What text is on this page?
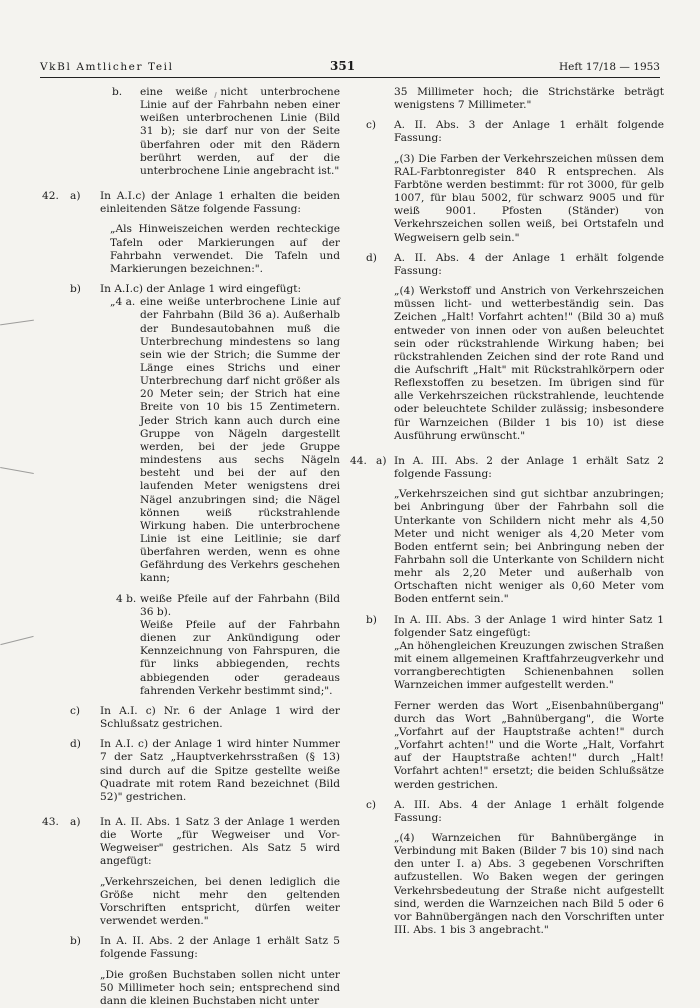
VkBl Amtlicher Teil	351	Heft 17/18 — 1953
b. eine weiße nicht unterbrochene Linie auf der Fahrbahn neben einer weißen unterbrochenen Linie (Bild 31 b); sie darf nur von der Seite überfahren oder mit den Rädern berührt werden, auf der die unterbrochene Linie angebracht ist."

42. a) In A.I.c) der Anlage 1 erhalten die beiden einleitenden Sätze folgende Fassung:

„Als Hinweiszeichen werden rechteckige Tafeln oder Markierungen auf der Fahrbahn verwendet. Die Tafeln und Markierungen bezeichnen:".

b) In A.I.c) der Anlage 1 wird eingefügt:

„4 a. eine weiße unterbrochene Linie auf der Fahrbahn (Bild 36 a). Außerhalb der Bundesautobahnen muß die Unterbrechung mindestens so lang sein wie der Strich; die Summe der Länge eines Strichs und einer Unterbrechung darf nicht größer als 20 Meter sein; der Strich hat eine Breite von 10 bis 15 Zentimetern. Jeder Strich kann auch durch eine Gruppe von Nägeln dargestellt werden, bei der jede Gruppe mindestens aus sechs Nägeln besteht und bei der auf den laufenden Meter wenigstens drei Nägel anzubringen sind; die Nägel können weiß rückstrahlende Wirkung haben. Die unterbrochene Linie ist eine Leitlinie; sie darf überfahren werden, wenn es ohne Gefährdung des Verkehrs geschehen kann;

4 b. weiße Pfeile auf der Fahrbahn (Bild 36 b).

Weiße Pfeile auf der Fahrbahn dienen zur Ankündigung oder Kennzeichnung von Fahrspuren, die für links abbiegenden, rechts abbiegenden oder geradeaus fahrenden Verkehr bestimmt sind;".

c) In A.I. c) Nr. 6 der Anlage 1 wird der Schlußsatz gestrichen.

d) In A.I. c) der Anlage 1 wird hinter Nummer 7 der Satz „Hauptverkehrsstraßen (§ 13) sind durch auf die Spitze gestellte weiße Quadrate mit rotem Rand bezeichnet (Bild 52)" gestrichen.

43. a) In A. II. Abs. 1 Satz 3 der Anlage 1 werden die Worte „für Wegweiser und Vor-Wegweiser" gestrichen. Als Satz 5 wird angefügt:

„Verkehrszeichen, bei denen lediglich die Größe nicht mehr den geltenden Vorschriften entspricht, dürfen weiter verwendet werden."

b) In A. II. Abs. 2 der Anlage 1 erhält Satz 5 folgende Fassung:

„Die großen Buchstaben sollen nicht unter 50 Millimeter hoch sein; entsprechend sind dann die kleinen Buchstaben nicht unter

35 Millimeter hoch; die Strichstärke beträgt wenigstens 7 Millimeter."

c) A. II. Abs. 3 der Anlage 1 erhält folgende Fassung:

„(3) Die Farben der Verkehrszeichen müssen dem RAL-Farbtonregister 840 R entsprechen. Als Farbtöne werden bestimmt: für rot 3000, für gelb 1007, für blau 5002, für schwarz 9005 und für weiß 9001. Pfosten (Ständer) von Verkehrszeichen sollen weiß, bei Ortstafeln und Wegweisern gelb sein."

d) A. II. Abs. 4 der Anlage 1 erhält folgende Fassung:

„(4) Werkstoff und Anstrich von Verkehrszeichen müssen licht- und wetterbeständig sein. Das Zeichen „Halt! Vorfahrt achten!" (Bild 30 a) muß entweder von innen oder von außen beleuchtet sein oder rückstrahlende Wirkung haben; bei rückstrahlenden Zeichen sind der rote Rand und die Aufschrift „Halt" mit Rückstrahlkörpern oder Reflexstoffen zu besetzen. Im übrigen sind für alle Verkehrszeichen rückstrahlende, leuchtende oder beleuchtete Schilder zulässig; insbesondere für Warnzeichen (Bilder 1 bis 10) ist diese Ausführung erwünscht."

44. a) In A. III. Abs. 2 der Anlage 1 erhält Satz 2 folgende Fassung:

„Verkehrszeichen sind gut sichtbar anzubringen; bei Anbringung über der Fahrbahn soll die Unterkante von Schildern nicht mehr als 4,50 Meter und nicht weniger als 4,20 Meter vom Boden entfernt sein; bei Anbringung neben der Fahrbahn soll die Unterkante von Schildern nicht mehr als 2,20 Meter und außerhalb von Ortschaften nicht weniger als 0,60 Meter vom Boden entfernt sein."

b) In A. III. Abs. 3 der Anlage 1 wird hinter Satz 1 folgender Satz eingefügt:

„An höhengleichen Kreuzungen zwischen Straßen mit einem allgemeinen Kraftfahrzeugverkehr und vorrangberechtigten Schienenbahnen sollen Warnzeichen immer aufgestellt werden."

Ferner werden das Wort „Eisenbahnübergang" durch das Wort „Bahnübergang", die Worte „Vorfahrt auf der Hauptstraße achten!" durch „Vorfahrt achten!" und die Worte „Halt, Vorfahrt auf der Hauptstraße achten!" durch „Halt! Vorfahrt achten!" ersetzt; die beiden Schlußsätze werden gestrichen.

c) A. III. Abs. 4 der Anlage 1 erhält folgende Fassung:

„(4) Warnzeichen für Bahnübergänge in Verbindung mit Baken (Bilder 7 bis 10) sind nach den unter I. a) Abs. 3 gegebenen Vorschriften aufzustellen. Wo Baken wegen der geringen Verkehrsbedeutung der Straße nicht aufgestellt sind, werden die Warnzeichen nach Bild 5 oder 6 vor Bahnübergängen nach den Vorschriften unter III. Abs. 1 bis 3 angebracht."
